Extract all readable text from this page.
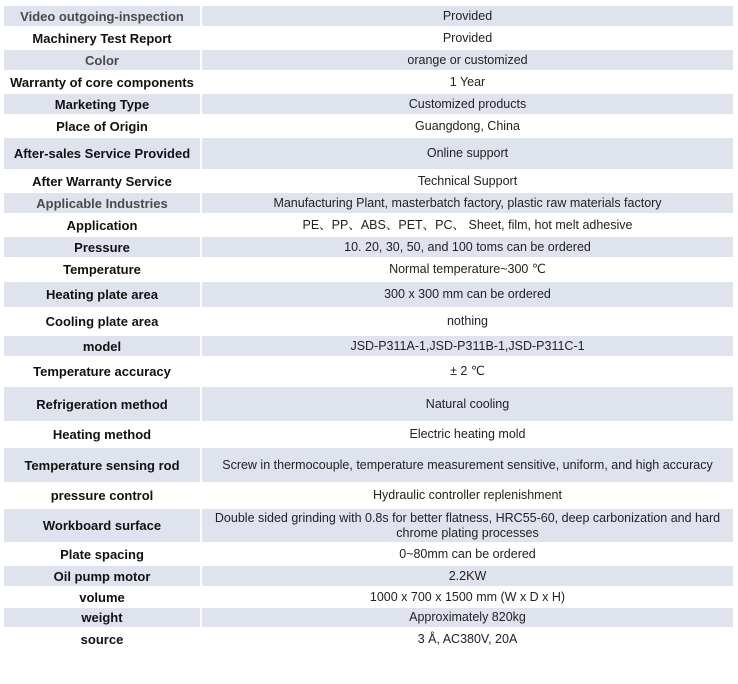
Video outgoing-inspection	Provided
Machinery Test Report	Provided
Color	orange or customized
Warranty of core components	1 Year
Marketing Type	Customized products
Place of Origin	Guangdong, China
After-sales Service Provided	Online support
After Warranty Service	Technical Support
Applicable Industries	Manufacturing Plant, masterbatch factory, plastic raw materials factory
Application	PE、PP、ABS、PET、PC、 Sheet, film, hot melt adhesive
Pressure	10. 20, 30, 50, and 100 toms can be ordered
Temperature	Normal temperature~300 ℃
Heating plate area	300 x 300 mm can be ordered
Cooling plate area	nothing
model	JSD-P311A-1,JSD-P311B-1,JSD-P311C-1
Temperature accuracy	± 2 ℃
Refrigeration method	Natural cooling
Heating method	Electric heating mold
Temperature sensing rod	Screw in thermocouple, temperature measurement sensitive, uniform, and high accuracy
pressure control	Hydraulic controller replenishment
Workboard surface	Double sided grinding with 0.8s for better flatness, HRC55-60, deep carbonization and hard chrome plating processes
Plate spacing	0~80mm can be ordered
Oil pump motor	2.2KW
volume	1000 x 700 x 1500 mm (W x D x H)
weight	Approximately 820kg
source	3 Å, AC380V, 20A
